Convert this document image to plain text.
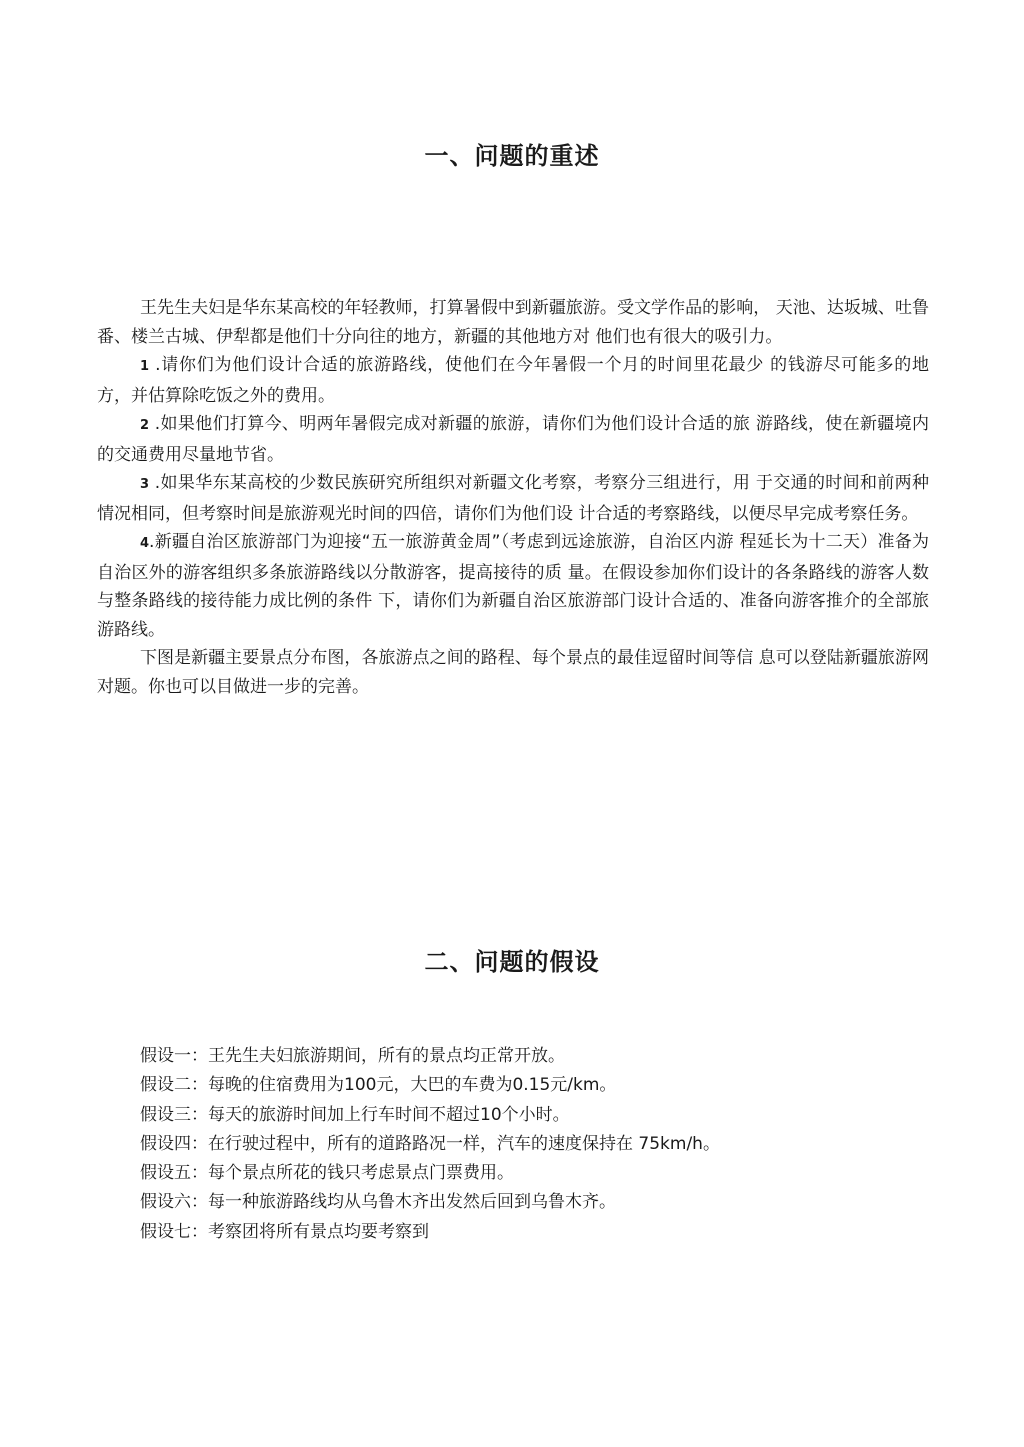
一、问题的重述

王先生夫妇是华东某高校的年轻教师，打算暑假中到新疆旅游。受文学作品的影响， 天池、达坂城、吐鲁番、楼兰古城、伊犁都是他们十分向往的地方，新疆的其他地方对 他们也有很大的吸引力。

1 .请你们为他们设计合适的旅游路线，使他们在今年暑假一个月的时间里花最少 的钱游尽可能多的地方，并估算除吃饭之外的费用。

2 .如果他们打算今、明两年暑假完成对新疆的旅游，请你们为他们设计合适的旅 游路线，使在新疆境内的交通费用尽量地节省。

3 .如果华东某高校的少数民族研究所组织对新疆文化考察，考察分三组进行，用 于交通的时间和前两种情况相同，但考察时间是旅游观光时间的四倍，请你们为他们设 计合适的考察路线，以便尽早完成考察任务。

4.新疆自治区旅游部门为迎接“五一旅游黄金周”（考虑到远途旅游，自治区内游 程延长为十二天）准备为自治区外的游客组织多条旅游路线以分散游客，提高接待的质 量。在假设参加你们设计的各条路线的游客人数与整条路线的接待能力成比例的条件 下，请你们为新疆自治区旅游部门设计合适的、准备向游客推介的全部旅游路线。

下图是新疆主要景点分布图，各旅游点之间的路程、每个景点的最佳逗留时间等信 息可以登陆新疆旅游网对题。你也可以目做进一步的完善。

二、问题的假设

假设一：王先生夫妇旅游期间，所有的景点均正常开放。

假设二：每晚的住宿费用为100元，大巴的车费为0.15元/km。

假设三：每天的旅游时间加上行车时间不超过10个小时。

假设四：在行驶过程中，所有的道路路况一样，汽车的速度保持在 75km/h。

假设五：每个景点所花的钱只考虑景点门票费用。

假设六：每一种旅游路线均从乌鲁木齐出发然后回到乌鲁木齐。

假设七：考察团将所有景点均要考察到
